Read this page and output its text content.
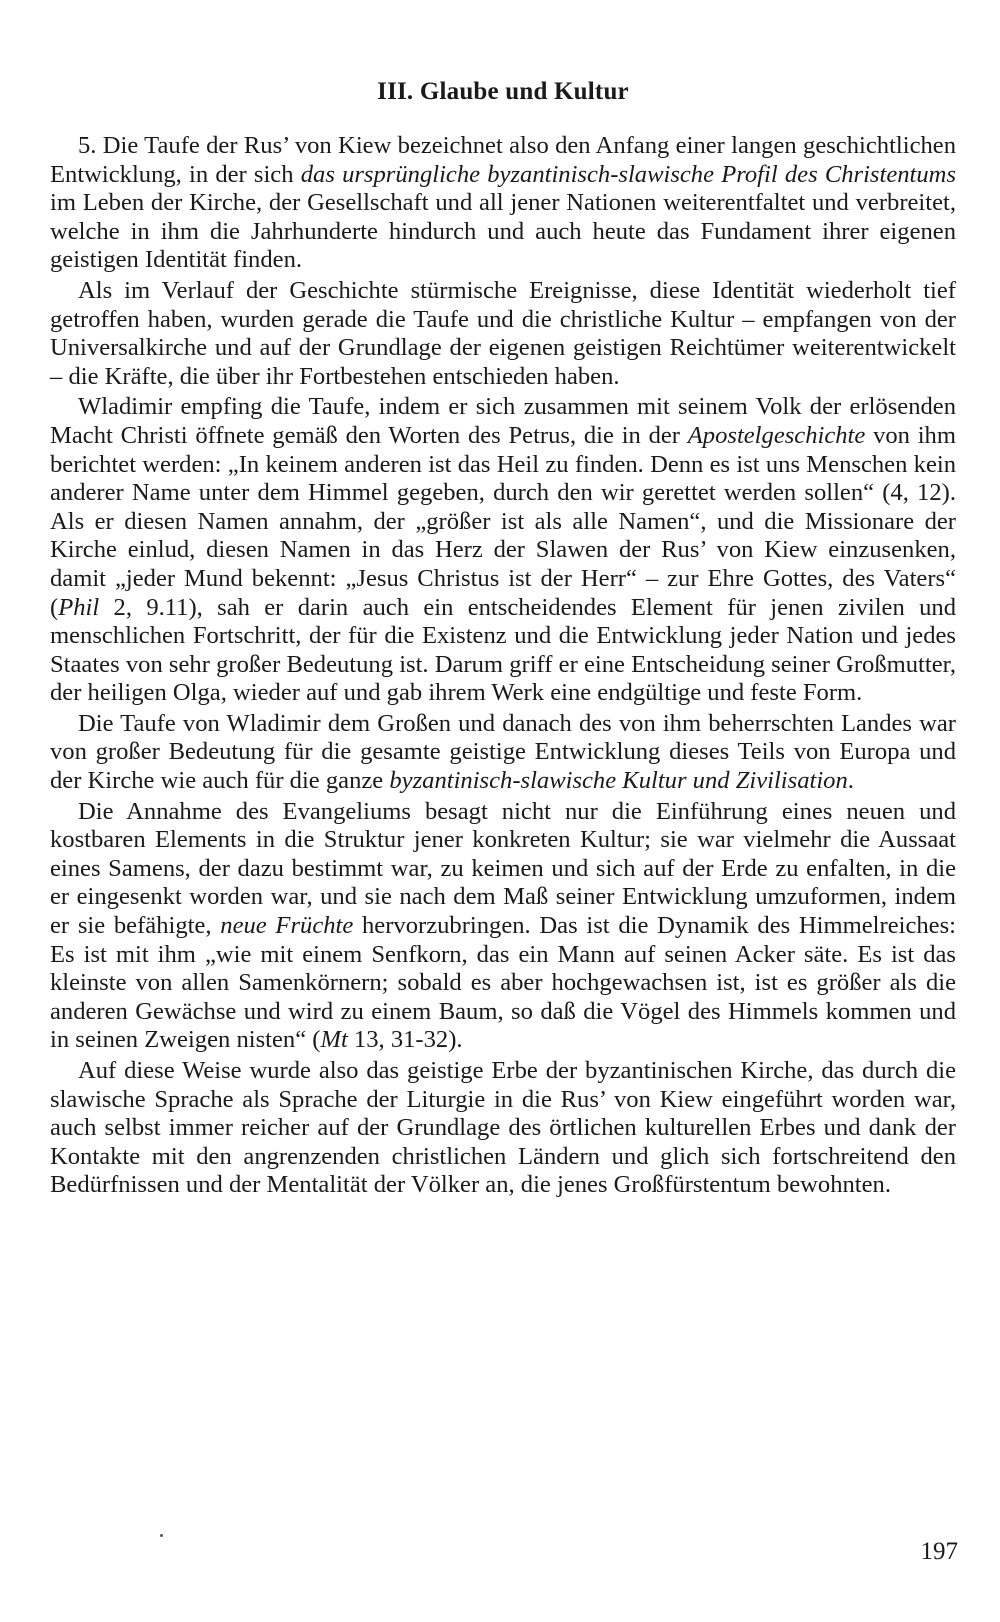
III. Glaube und Kultur

5. Die Taufe der Rus’ von Kiew bezeichnet also den Anfang einer langen geschichtlichen Entwicklung, in der sich das ursprüngliche byzantinisch-slawische Profil des Christentums im Leben der Kirche, der Gesellschaft und all jener Nationen weiterentfaltet und verbreitet, welche in ihm die Jahrhunderte hindurch und auch heute das Fundament ihrer eigenen geistigen Identität finden.

Als im Verlauf der Geschichte stürmische Ereignisse, diese Identität wiederholt tief getroffen haben, wurden gerade die Taufe und die christliche Kultur – empfangen von der Universalkirche und auf der Grundlage der eigenen geistigen Reichtümer weiterentwickelt – die Kräfte, die über ihr Fortbestehen entschieden haben.

Wladimir empfing die Taufe, indem er sich zusammen mit seinem Volk der erlösenden Macht Christi öffnete gemäß den Worten des Petrus, die in der Apostelgeschichte von ihm berichtet werden: „In keinem anderen ist das Heil zu finden. Denn es ist uns Menschen kein anderer Name unter dem Himmel gegeben, durch den wir gerettet werden sollen“ (4, 12). Als er diesen Namen annahm, der „größer ist als alle Namen“, und die Missionare der Kirche einlud, diesen Namen in das Herz der Slawen der Rus’ von Kiew einzusenken, damit „jeder Mund bekennt: „Jesus Christus ist der Herr“ – zur Ehre Gottes, des Vaters“ (Phil 2, 9.11), sah er darin auch ein entscheidendes Element für jenen zivilen und menschlichen Fortschritt, der für die Existenz und die Entwicklung jeder Nation und jedes Staates von sehr großer Bedeutung ist. Darum griff er eine Entscheidung seiner Großmutter, der heiligen Olga, wieder auf und gab ihrem Werk eine endgültige und feste Form.

Die Taufe von Wladimir dem Großen und danach des von ihm beherrschten Landes war von großer Bedeutung für die gesamte geistige Entwicklung dieses Teils von Europa und der Kirche wie auch für die ganze byzantinisch-slawische Kultur und Zivilisation.

Die Annahme des Evangeliums besagt nicht nur die Einführung eines neuen und kostbaren Elements in die Struktur jener konkreten Kultur; sie war vielmehr die Aussaat eines Samens, der dazu bestimmt war, zu keimen und sich auf der Erde zu enfalten, in die er eingesenkt worden war, und sie nach dem Maß seiner Entwicklung umzuformen, indem er sie befähigte, neue Früchte hervorzubringen. Das ist die Dynamik des Himmelreiches: Es ist mit ihm „wie mit einem Senfkorn, das ein Mann auf seinen Acker säte. Es ist das kleinste von allen Samenkörnern; sobald es aber hochgewachsen ist, ist es größer als die anderen Gewächse und wird zu einem Baum, so daß die Vögel des Himmels kommen und in seinen Zweigen nisten“ (Mt 13, 31-32).

Auf diese Weise wurde also das geistige Erbe der byzantinischen Kirche, das durch die slawische Sprache als Sprache der Liturgie in die Rus’ von Kiew eingeführt worden war, auch selbst immer reicher auf der Grundlage des örtlichen kulturellen Erbes und dank der Kontakte mit den angrenzenden christlichen Ländern und glich sich fortschreitend den Bedürfnissen und der Mentalität der Völker an, die jenes Großfürstentum bewohnten.

197
